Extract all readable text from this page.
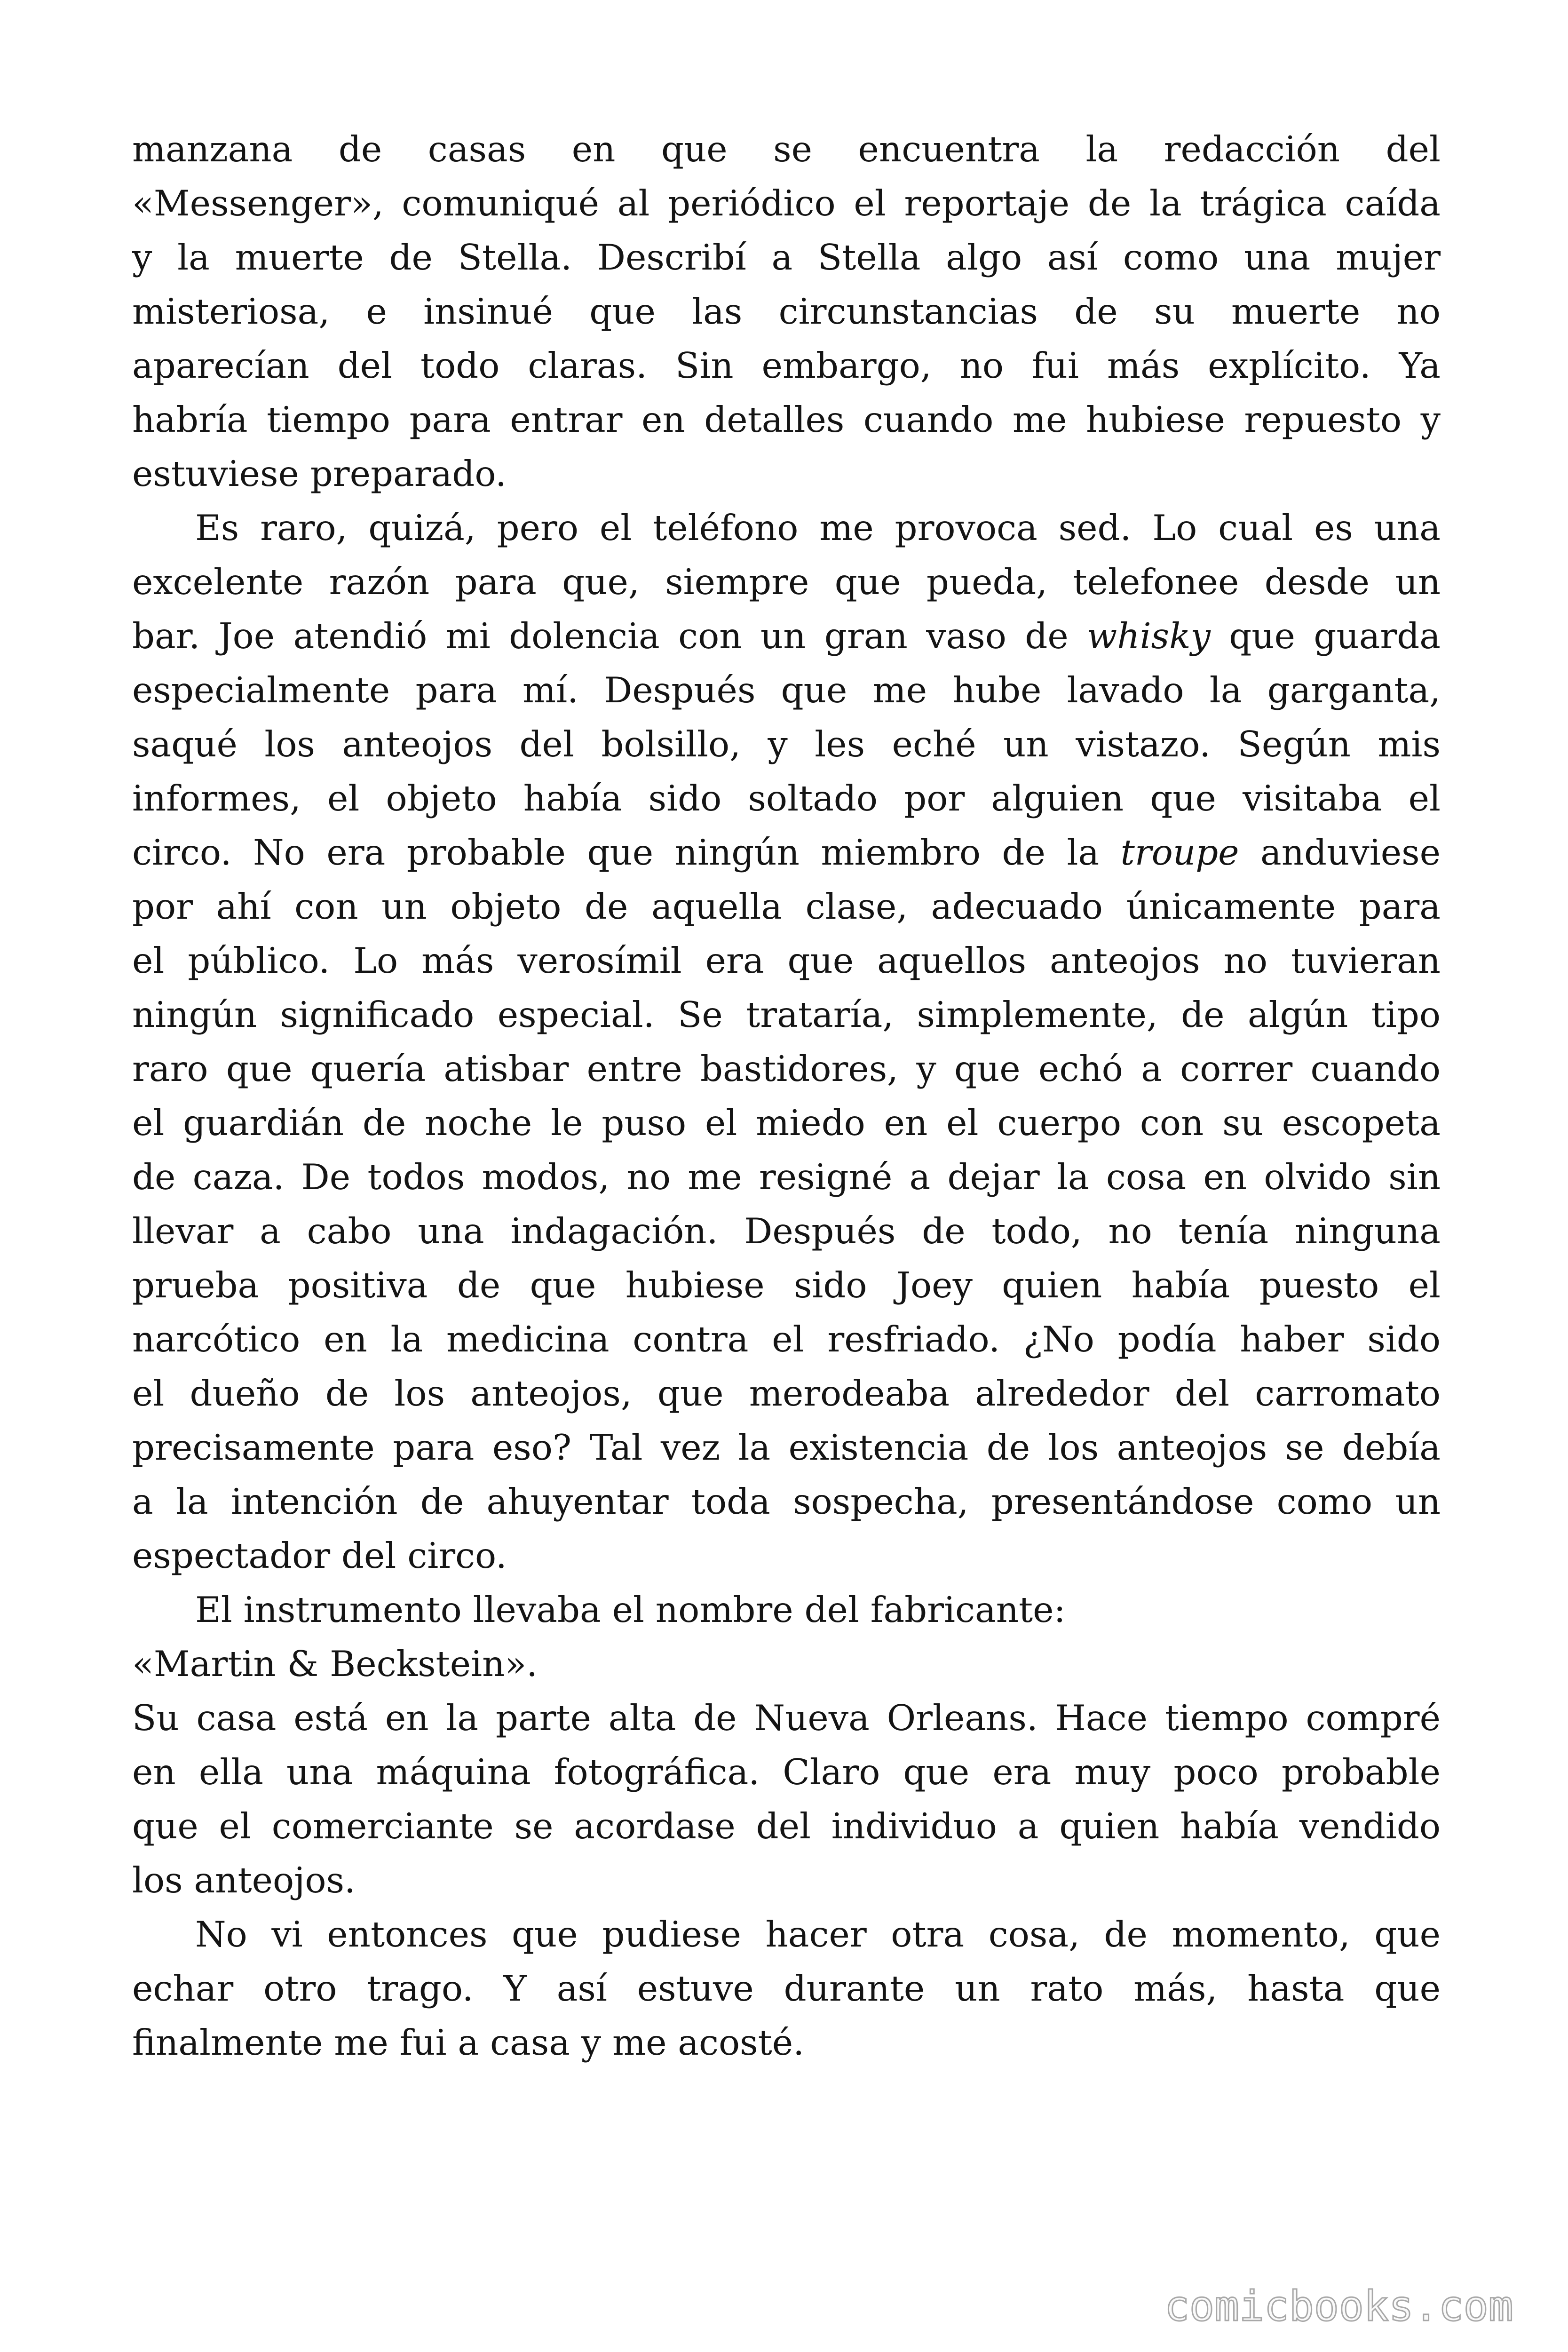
manzana de casas en que se encuentra la redacción del
«Messenger», comuniqué al periódico el reportaje de la trágica caída
y la muerte de Stella. Describí a Stella algo así como una mujer
misteriosa, e insinué que las circunstancias de su muerte no
aparecían del todo claras. Sin embargo, no fui más explícito. Ya
habría tiempo para entrar en detalles cuando me hubiese repuesto y
estuviese preparado.
Es raro, quizá, pero el teléfono me provoca sed. Lo cual es una
excelente razón para que, siempre que pueda, telefonee desde un
bar. Joe atendió mi dolencia con un gran vaso de whisky que guarda
especialmente para mí. Después que me hube lavado la garganta,
saqué los anteojos del bolsillo, y les eché un vistazo. Según mis
informes, el objeto había sido soltado por alguien que visitaba el
circo. No era probable que ningún miembro de la troupe anduviese
por ahí con un objeto de aquella clase, adecuado únicamente para
el público. Lo más verosímil era que aquellos anteojos no tuvieran
ningún significado especial. Se trataría, simplemente, de algún tipo
raro que quería atisbar entre bastidores, y que echó a correr cuando
el guardián de noche le puso el miedo en el cuerpo con su escopeta
de caza. De todos modos, no me resigné a dejar la cosa en olvido sin
llevar a cabo una indagación. Después de todo, no tenía ninguna
prueba positiva de que hubiese sido Joey quien había puesto el
narcótico en la medicina contra el resfriado. ¿No podía haber sido
el dueño de los anteojos, que merodeaba alrededor del carromato
precisamente para eso? Tal vez la existencia de los anteojos se debía
a la intención de ahuyentar toda sospecha, presentándose como un
espectador del circo.
El instrumento llevaba el nombre del fabricante:
«Martin & Beckstein».
Su casa está en la parte alta de Nueva Orleans. Hace tiempo compré
en ella una máquina fotográfica. Claro que era muy poco probable
que el comerciante se acordase del individuo a quien había vendido
los anteojos.
No vi entonces que pudiese hacer otra cosa, de momento, que
echar otro trago. Y así estuve durante un rato más, hasta que
finalmente me fui a casa y me acosté.
comicbooks.com
